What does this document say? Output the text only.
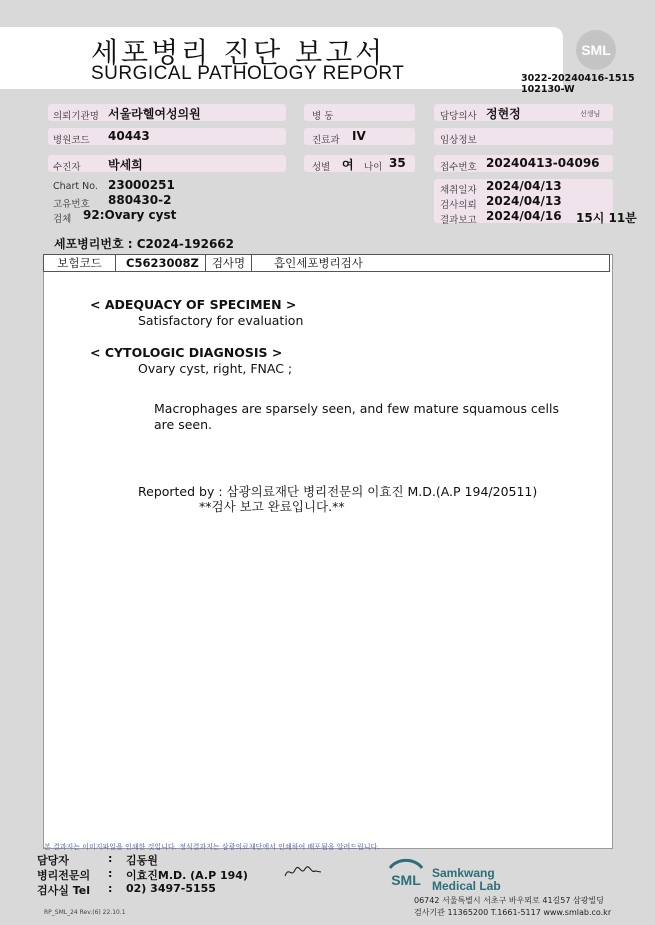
세포병리 진단 보고서
SURGICAL PATHOLOGY REPORT
SML
3022-20240416-1515
102130-W
의뢰기관명 서울라헬여성의원	병 동	담당의사 정현정	선생님
병원코드 40443	진료과 IV	임상정보
수진자 박세희	성별 여 나이 35	접수번호 20240413-04096
Chart No. 23000251
고유번호 880430-2
검체 92:Ovary cyst
채취일자 2024/04/13
검사의뢰 2024/04/13
결과보고 2024/04/16 15시 11분
세포병리번호 : C2024-192662
보험코드	C5623008Z	검사명	흡인세포병리검사
< ADEQUACY OF SPECIMEN >
Satisfactory for evaluation
< CYTOLOGIC DIAGNOSIS >
Ovary cyst, right, FNAC ;
Macrophages are sparsely seen, and few mature squamous cells
are seen.
Reported by : 삼광의료재단 병리전문의 이효진 M.D.(A.P 194/20511)
**검사 보고 완료입니다.**
본 결과지는 이미지파일을 인쇄한 것입니다. 정식결과지는 삼광의료재단에서 인쇄하여 배포됨을 알려드립니다.
담당자	: 김동원
병리전문의 : 이효진M.D. (A.P 194)
검사실 Tel : 02) 3497-5155
SML Samkwang
Medical Lab
06742 서울특별시 서초구 바우뫼로 41길57 삼광빌딩
검사기관 11365200 T.1661-5117 www.smlab.co.kr
RP_SML_24 Rev.(6) 22.10.1
